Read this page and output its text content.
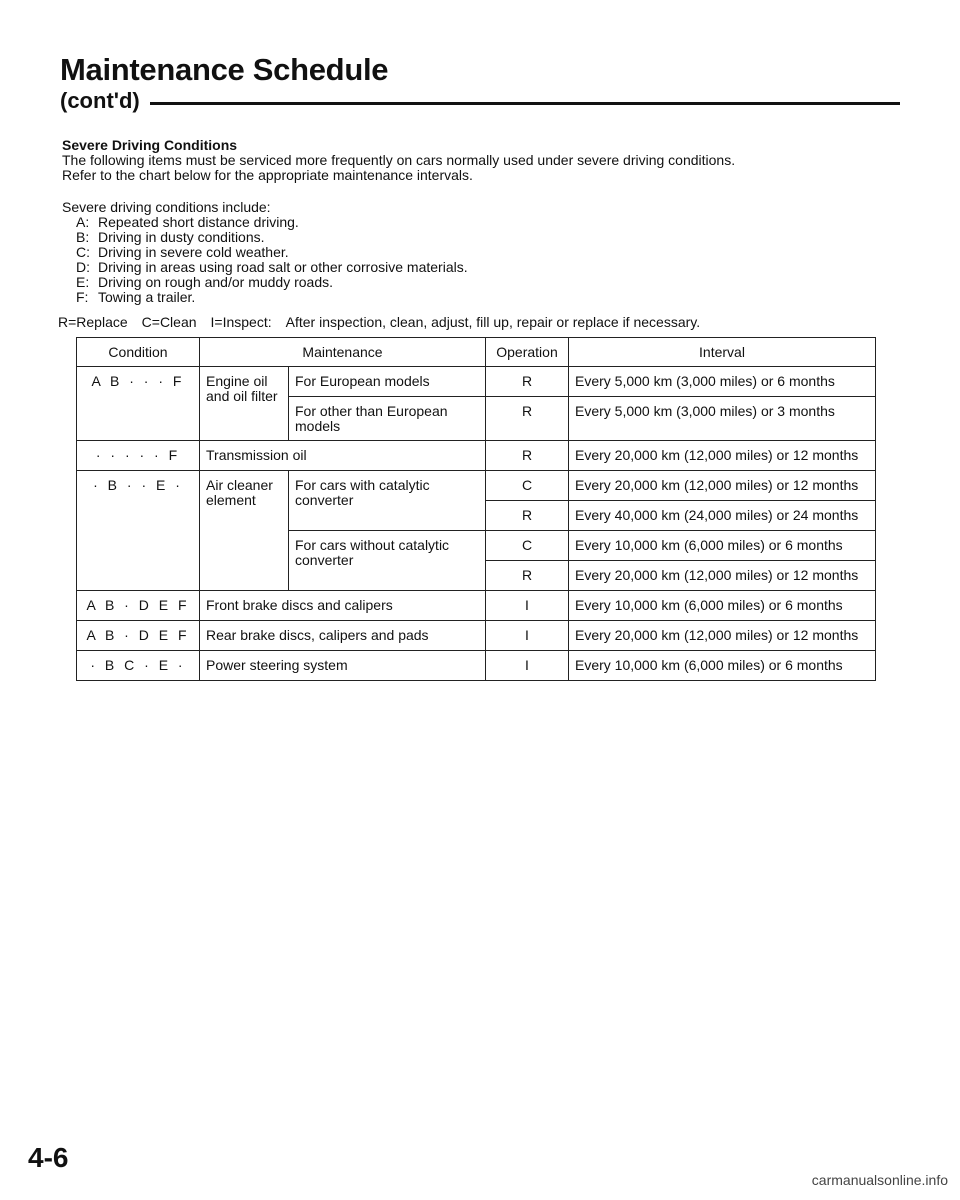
Maintenance Schedule
(cont'd)
Severe Driving Conditions
The following items must be serviced more frequently on cars normally used under severe driving conditions.
Refer to the chart below for the appropriate maintenance intervals.
Severe driving conditions include:
A: Repeated short distance driving.
B: Driving in dusty conditions.
C: Driving in severe cold weather.
D: Driving in areas using road salt or other corrosive materials.
E: Driving on rough and/or muddy roads.
F: Towing a trailer.
R=Replace C=Clean I=Inspect: After inspection, clean, adjust, fill up, repair or replace if necessary.
Condition	Maintenance		Operation	Interval
A B · · · F	Engine oil and oil filter	For European models	R	Every 5,000 km (3,000 miles) or 6 months
		For other than European models	R	Every 5,000 km (3,000 miles) or 3 months
· · · · · F	Transmission oil		R	Every 20,000 km (12,000 miles) or 12 months
· B · · E ·	Air cleaner element	For cars with catalytic converter	C	Every 20,000 km (12,000 miles) or 12 months
			R	Every 40,000 km (24,000 miles) or 24 months
		For cars without catalytic converter	C	Every 10,000 km (6,000 miles) or 6 months
			R	Every 20,000 km (12,000 miles) or 12 months
A B · D E F	Front brake discs and calipers		I	Every 10,000 km (6,000 miles) or 6 months
A B · D E F	Rear brake discs, calipers and pads		I	Every 20,000 km (12,000 miles) or 12 months
· B C · E ·	Power steering system		I	Every 10,000 km (6,000 miles) or 6 months
4-6
carmanualsonline.info
